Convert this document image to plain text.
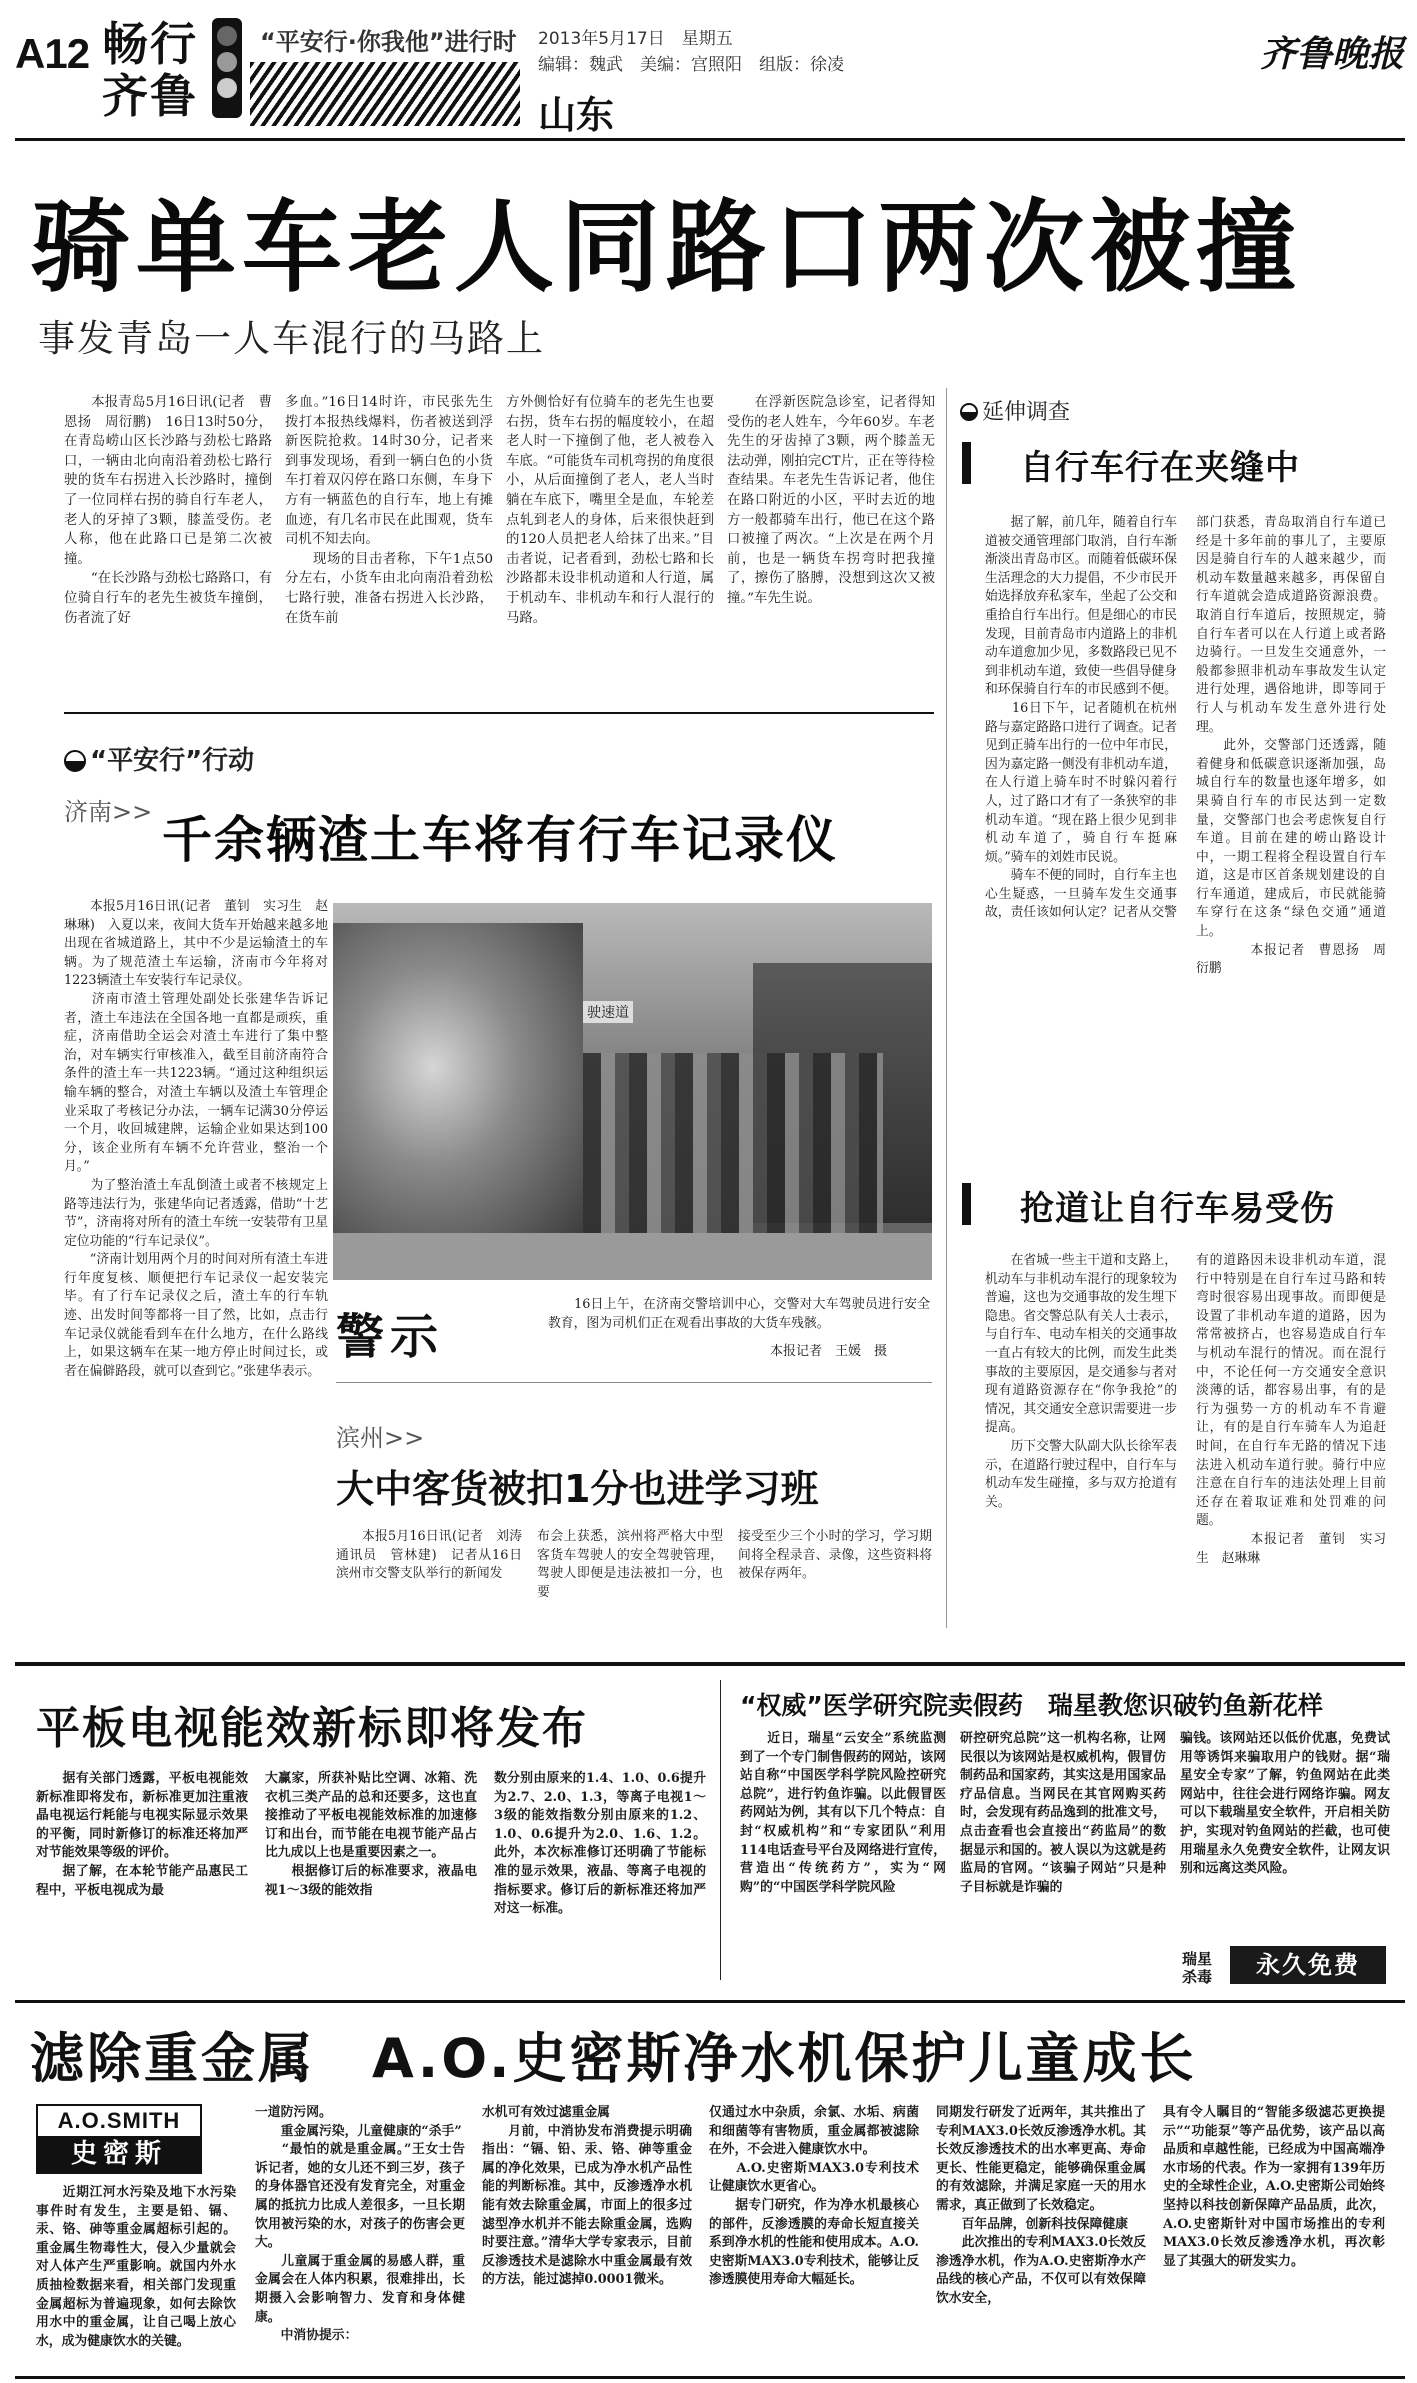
A12 畅行齐鲁
“平安行·你我他”进行时 2013年5月17日　 星期五
编辑：魏武　 美编：宫照阳　 组版：徐凌
山东
齐鲁晚报
骑单车老人同路口两次被撞
事发青岛一人车混行的马路上
　　本报青岛5月16日讯(记者　曹恩扬　周衍鹏)　16日13时50分，在青岛崂山区长沙路与劲松七路路口，一辆由北向南沿着劲松七路行驶的货车右拐进入长沙路时，撞倒了一位同样右拐的骑自行车老人，老人的牙掉了3颗，膝盖受伤。老人称，他在此路口已是第二次被撞。
　　“在长沙路与劲松七路路口，有位骑自行车的老先生被货车撞倒，伤者流了好
多血。”16日14时许，市民张先生拨打本报热线爆料，伤者被送到浮新医院抢救。14时30分，记者来到事发现场，看到一辆白色的小货车打着双闪停在路口东侧，车身下方有一辆蓝色的自行车，地上有摊血迹，有几名市民在此围观，货车司机不知去向。
　　现场的目击者称，下午1点50分左右，小货车由北向南沿着劲松七路行驶，准备右拐进入长沙路，在货车前
方外侧恰好有位骑车的老先生也要右拐，货车右拐的幅度较小，在超老人时一下撞倒了他，老人被卷入车底。“可能货车司机弯拐的角度很小，从后面撞倒了老人，老人当时躺在车底下，嘴里全是血，车轮差点轧到老人的身体，后来很快赶到的120人员把老人给抹了出来。”目击者说，记者看到，劲松七路和长沙路都未设非机动道和人行道，属于机动车、非机动车和行人混行的马路。
　　在浮新医院急诊室，记者得知受伤的老人姓车，今年60岁。车老先生的牙齿掉了3颗，两个膝盖无法动弹，刚拍完CT片，正在等待检查结果。车老先生告诉记者，他住在路口附近的小区，平时去近的地方一般都骑车出行，他已在这个路口被撞了两次。“上次是在两个月前，也是一辆货车拐弯时把我撞了，擦伤了胳膊，没想到这次又被撞。”车先生说。
“平安行”行动
济南>> 千余辆渣土车将有行车记录仪
　　本报5月16日讯(记者　董钊　实习生　赵琳琳)　入夏以来，夜间大货车开始越来越多地出现在省城道路上，其中不少是运输渣土的车辆。为了规范渣土车运输，济南市今年将对1223辆渣土车安装行车记录仪。
　　济南市渣土管理处副处长张建华告诉记者，渣土车违法在全国各地一直都是顽疾，重症，济南借助全运会对渣土车进行了集中整治，对车辆实行审核准入，截至目前济南符合条件的渣土车一共1223辆。“通过这种组织运输车辆的整合，对渣土车辆以及渣土车管理企业采取了考核记分办法，一辆车记满30分停运一个月，收回城建牌，运输企业如果达到100分，该企业所有车辆不允许营业，整治一个月。”
　　为了整治渣土车乱倒渣土或者不核规定上路等违法行为，张建华向记者透露，借助“十艺节”，济南将对所有的渣土车统一安装带有卫星定位功能的“行车记录仪”。
　　“济南计划用两个月的时间对所有渣土车进行年度复核、顺便把行车记录仪一起安装完毕。有了行车记录仪之后，渣土车的行车轨迹、出发时间等都将一目了然，比如，点击行车记录仪就能看到车在什么地方，在什么路线上，如果这辆车在某一地方停止时间过长，或者在偏僻路段，就可以查到它。”张建华表示。
驶速道
警示
　　16日上午，在济南交警培训中心，交警对大车驾驶员进行安全教育，图为司机们正在观看出事故的大货车残骸。
本报记者　王媛　摄
滨州>>
大中客货被扣1分也进学习班
　　本报5月16日讯(记者　刘涛　通讯员　管林建)　记者从16日滨州市交警支队举行的新闻发
布会上获悉，滨州将严格大中型客货车驾驶人的安全驾驶管理，驾驶人即便是违法被扣一分，也要
接受至少三个小时的学习，学习期间将全程录音、录像，这些资料将被保存两年。
延伸调查
自行车行在夹缝中
　　据了解，前几年，随着自行车道被交通管理部门取消，自行车渐渐淡出青岛市区。而随着低碳环保生活理念的大力提倡，不少市民开始选择放弃私家车，坐起了公交和重拾自行车出行。但是细心的市民发现，目前青岛市内道路上的非机动车道愈加少见，多数路段已见不到非机动车道，致使一些倡导健身和环保骑自行车的市民感到不便。
　　16日下午，记者随机在杭州路与嘉定路路口进行了调查。记者见到正骑车出行的一位中年市民，因为嘉定路一侧没有非机动车道，在人行道上骑车时不时躲闪着行人，过了路口才有了一条狭窄的非机动车道。“现在路上很少见到非机动车道了，骑自行车挺麻烦。”骑车的刘姓市民说。
　　骑车不便的同时，自行车主也心生疑惑，一旦骑车发生交通事故，责任该如何认定？记者从交警
部门获悉，青岛取消自行车道已经是十多年前的事儿了，主要原因是骑自行车的人越来越少，而机动车数量越来越多，再保留自行车道就会造成道路资源浪费。取消自行车道后，按照规定，骑自行车者可以在人行道上或者路边骑行。一旦发生交通意外，一般都参照非机动车事故发生认定进行处理，遇俗地讲，即等同于行人与机动车发生意外进行处理。
　　此外，交警部门还透露，随着健身和低碳意识逐渐加强，岛城自行车的数量也逐年增多，如果骑自行车的市民达到一定数量，交警部门也会考虑恢复自行车道。目前在建的崂山路设计中，一期工程将全程设置自行车道，这是市区首条规划建设的自行车通道，建成后，市民就能骑车穿行在这条“绿色交通”通道上。
　　　　本报记者　曹恩扬　周衍鹏
抢道让自行车易受伤
　　在省城一些主干道和支路上，机动车与非机动车混行的现象较为普遍，这也为交通事故的发生埋下隐患。省交警总队有关人士表示，与自行车、电动车相关的交通事故一直占有较大的比例，而发生此类事故的主要原因，是交通参与者对现有道路资源存在“你争我抢”的情况，其交通安全意识需要进一步提高。
　　历下交警大队副大队长徐军表示，在道路行驶过程中，自行车与机动车发生碰撞，多与双方抢道有关。
有的道路因未设非机动车道，混行中特别是在自行车过马路和转弯时很容易出现事故。而即便是设置了非机动车道的道路，因为常常被挤占，也容易造成自行车与机动车混行的情况。而在混行中，不论任何一方交通安全意识淡薄的话，都容易出事，有的是行为强势一方的机动车不肯避让，有的是自行车骑车人为追赶时间，在自行车无路的情况下违法进入机动车道行驶。骑行中应注意在自行车的违法处理上目前还存在着取证难和处罚难的问题。
　　　　本报记者　董钊　实习生　赵琳琳
平板电视能效新标即将发布
　　据有关部门透露，平板电视能效新标准即将发布，新标准更加注重液晶电视运行耗能与电视实际显示效果的平衡，同时新修订的标准还将加严对节能效果等级的评价。
　　据了解，在本轮节能产品惠民工程中，平板电视成为最
大赢家，所获补贴比空调、冰箱、洗衣机三类产品的总和还要多，这也直接推动了平板电视能效标准的加速修订和出台，而节能在电视节能产品占比九成以上也是重要因素之一。
　　根据修订后的标准要求，液晶电视1～3级的能效指
数分别由原来的1.4、1.0、0.6提升为2.7、2.0、1.3，等离子电视1～3级的能效指数分别由原来的1.2、1.0、0.6提升为2.0、1.6、1.2。此外，本次标准修订还明确了节能标准的显示效果，液晶、等离子电视的指标要求。修订后的新标准还将加严对这一标准。
“权威”医学研究院卖假药　瑞星教您识破钓鱼新花样
　　近日，瑞星“云安全”系统监测到了一个专门制售假药的网站，该网站自称“中国医学科学院风险控研究总院”，进行钓鱼诈骗。以此假冒医药网站为例，其有以下几个特点：自封“权威机构”和“专家团队”利用114电话查号平台及网络进行宣传，营造出“传统药方”，实为“网购”的“中国医学科学院风险
研控研究总院”这一机构名称，让网民很以为该网站是权威机构，假冒仿制药品和国家药，其实这是用国家品疗品信息。当网民在其官网购买药时，会发现有药品逸到的批准文号，点击查看也会直接出“药监局”的数据显示和国的。被人误以为这就是药监局的官网。“该骗子网站”只是种子目标就是诈骗的
骗钱。该网站还以低价优惠，免费试用等诱饵来骗取用户的钱财。据“瑞星安全专家”了解，钓鱼网站在此类网站中，往往会进行网络诈骗。网友可以下载瑞星安全软件，开启相关防护，实现对钓鱼网站的拦截，也可使用瑞星永久免费安全软件，让网友识别和远离这类风险。
瑞星杀毒	永久免费
滤除重金属　A.O.史密斯净水机保护儿童成长
A.O.SMITH
史密斯
　　近期江河水污染及地下水污染事件时有发生，主要是铅、镉、汞、铬、砷等重金属超标引起的。重金属生物毒性大，侵入少量就会对人体产生严重影响。就国内外水质抽检数据来看，相关部门发现重金属超标为普遍现象，如何去除饮用水中的重金属，让自己喝上放心水，成为健康饮水的关键。
一道防污网。
　　重金属污染，儿童健康的“杀手”
　　“最怕的就是重金属。”王女士告诉记者，她的女儿还不到三岁，孩子的身体器官还没有发育完全，对重金属的抵抗力比成人差很多，一旦长期饮用被污染的水，对孩子的伤害会更大。
　　儿童属于重金属的易感人群，重金属会在人体内积累，很难排出，长期摄入会影响智力、发育和身体健康。
　　中消协提示：
水机可有效过滤重金属
　　月前，中消协发布消费提示明确指出：“镉、铅、汞、铬、砷等重金属的净化效果，已成为净水机产品性能的判断标准。其中，反渗透净水机能有效去除重金属，市面上的很多过滤型净水机并不能去除重金属，选购时要注意。”清华大学专家表示，目前反渗透技术是滤除水中重金属最有效的方法，能过滤掉0.0001微米。
仅通过水中杂质，余氯、水垢、病菌和细菌等有害物质，重金属都被滤除在外，不会进入健康饮水中。
　　A.O.史密斯MAX3.0专利技术让健康饮水更省心。
　　据专门研究，作为净水机最核心的部件，反渗透膜的寿命长短直接关系到净水机的性能和使用成本。A.O.史密斯MAX3.0专利技术，能够让反渗透膜使用寿命大幅延长。
同期发行研发了近两年，其共推出了专利MAX3.0长效反渗透净水机。其长效反渗透技术的出水率更高、寿命更长、性能更稳定，能够确保重金属的有效滤除，并满足家庭一天的用水需求，真正做到了长效稳定。
　　百年品牌，创新科技保障健康
　　此次推出的专利MAX3.0长效反渗透净水机，作为A.O.史密斯净水产品线的核心产品，不仅可以有效保障饮水安全，
具有令人瞩目的“智能多级滤芯更换提示”“功能泵”等产品优势，该产品以高品质和卓越性能，已经成为中国高端净水市场的代表。作为一家拥有139年历史的全球性企业，A.O.史密斯公司始终坚持以科技创新保障产品品质，此次，A.O.史密斯针对中国市场推出的专利MAX3.0长效反渗透净水机，再次彰显了其强大的研发实力。
